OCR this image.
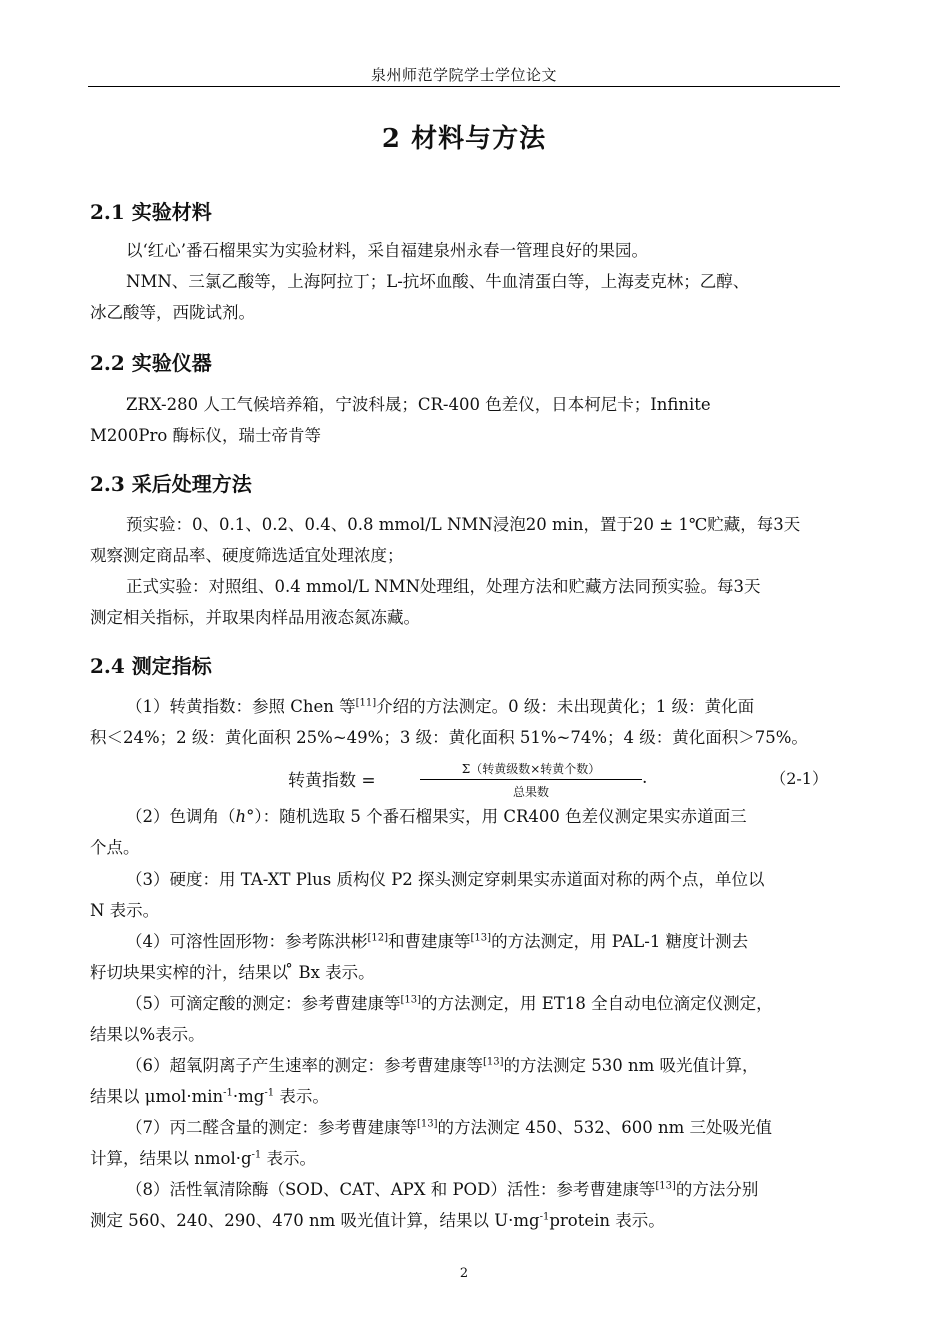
泉州师范学院学士学位论文
2 材料与方法
2.1 实验材料
以‘红心’番石榴果实为实验材料，采自福建泉州永春一管理良好的果园。
NMN、三氯乙酸等，上海阿拉丁；L-抗坏血酸、牛血清蛋白等，上海麦克林；乙醇、
冰乙酸等，西陇试剂。
2.2 实验仪器
ZRX-280 人工气候培养箱，宁波科晟；CR-400 色差仪，日本柯尼卡；Infinite
M200Pro 酶标仪，瑞士帝肯等
2.3 采后处理方法
预实验：0、0.1、0.2、0.4、0.8 mmol/L NMN浸泡20 min，置于20 ± 1℃贮藏，每3天
观察测定商品率、硬度筛选适宜处理浓度；
正式实验：对照组、0.4 mmol/L NMN处理组，处理方法和贮藏方法同预实验。每3天
测定相关指标，并取果肉样品用液态氮冻藏。
2.4 测定指标
（1）转黄指数：参照 Chen 等[11]介绍的方法测定。0 级：未出现黄化；1 级：黄化面
积＜24%；2 级：黄化面积 25%~49%；3 级：黄化面积 51%~74%；4 级：黄化面积＞75%。
转黄指数 =
Σ（转黄级数×转黄个数）
总果数
.	（2-1）
（2）色调角（h°）：随机选取 5 个番石榴果实，用 CR400 色差仪测定果实赤道面三
个点。
（3）硬度：用 TA-XT Plus 质构仪 P2 探头测定穿刺果实赤道面对称的两个点，单位以
N 表示。
（4）可溶性固形物：参考陈洪彬[12]和曹建康等[13]的方法测定，用 PAL-1 糖度计测去
籽切块果实榨的汁，结果以 ̊ Bx 表示。
（5）可滴定酸的测定：参考曹建康等[13]的方法测定，用 ET18 全自动电位滴定仪测定，
结果以%表示。
（6）超氧阴离子产生速率的测定：参考曹建康等[13]的方法测定 530 nm 吸光值计算，
结果以 $\mu mol\cdot\min^{-1}\cdot mg^{-1}$ 表示。
（7）丙二醛含量的测定：参考曹建康等[13]的方法测定 450、532、600 nm 三处吸光值
计算，结果以 $nmol\cdot g^{-1}$ 表示。
（8）活性氧清除酶（SOD、CAT、APX 和 POD）活性：参考曹建康等[13]的方法分别
测定 560、240、290、470 nm 吸光值计算，结果以 $U\cdot mg^{-1}protein$ 表示。
2
